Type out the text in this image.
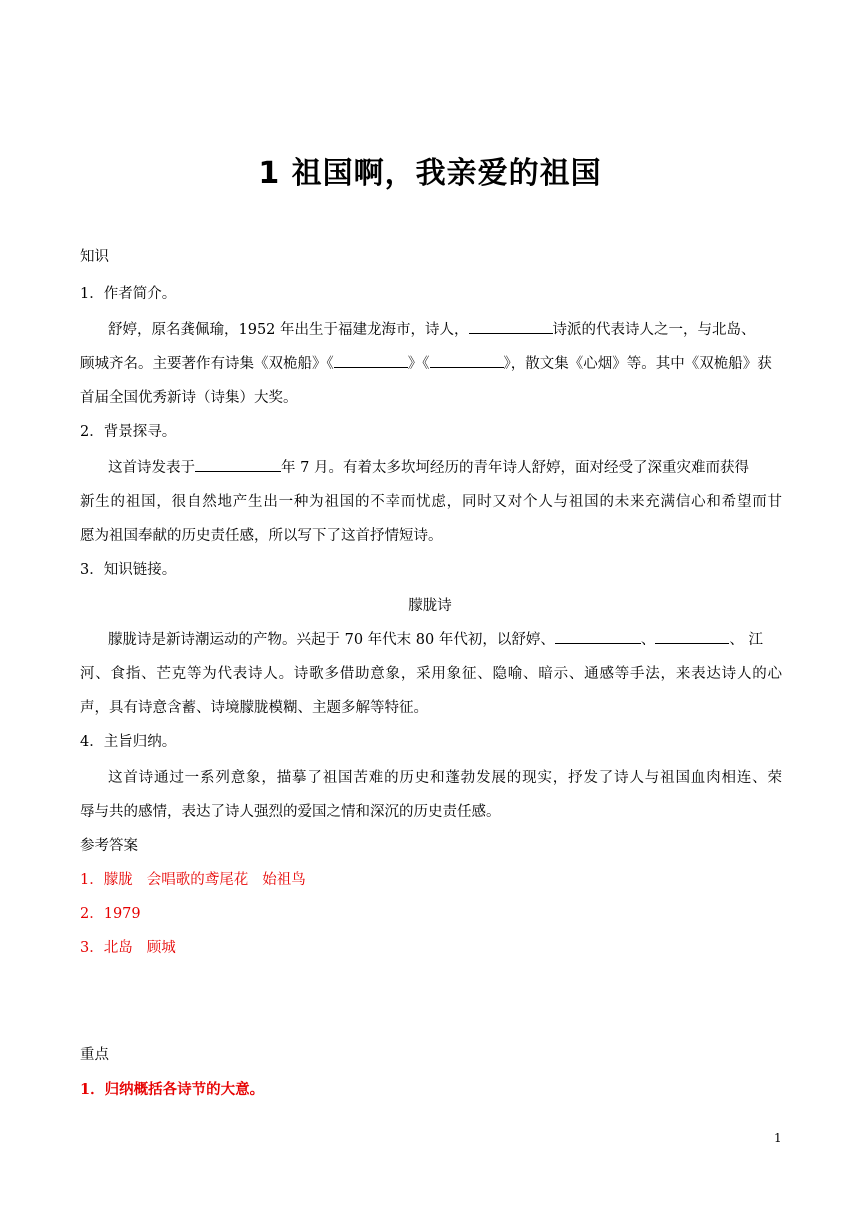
1 祖国啊，我亲爱的祖国
知识
1．作者简介。
舒婷，原名龚佩瑜，1952 年出生于福建龙海市，诗人，	诗派的代表诗人之一，与北岛、
顾城齐名。主要著作有诗集《双桅船》《	》《	》，散文集《心烟》等。其中《双桅船》获
首届全国优秀新诗（诗集）大奖。
2．背景探寻。
这首诗发表于	年 7 月。有着太多坎坷经历的青年诗人舒婷，面对经受了深重灾难而获得
新生的祖国，很自然地产生出一种为祖国的不幸而忧虑，同时又对个人与祖国的未来充满信心和希望而甘
愿为祖国奉献的历史责任感，所以写下了这首抒情短诗。
3．知识链接。
朦胧诗
朦胧诗是新诗潮运动的产物。兴起于 70 年代末 80 年代初，以舒婷、	、	、 江
河、食指、芒克等为代表诗人。诗歌多借助意象，采用象征、隐喻、暗示、通感等手法，来表达诗人的心
声，具有诗意含蓄、诗境朦胧模糊、主题多解等特征。
4．主旨归纳。
这首诗通过一系列意象，描摹了祖国苦难的历史和蓬勃发展的现实，抒发了诗人与祖国血肉相连、荣
辱与共的感情，表达了诗人强烈的爱国之情和深沉的历史责任感。
参考答案
1．朦胧 会唱歌的鸢尾花 始祖鸟
2．1979
3．北岛 顾城
重点
1．归纳概括各诗节的大意。
1
